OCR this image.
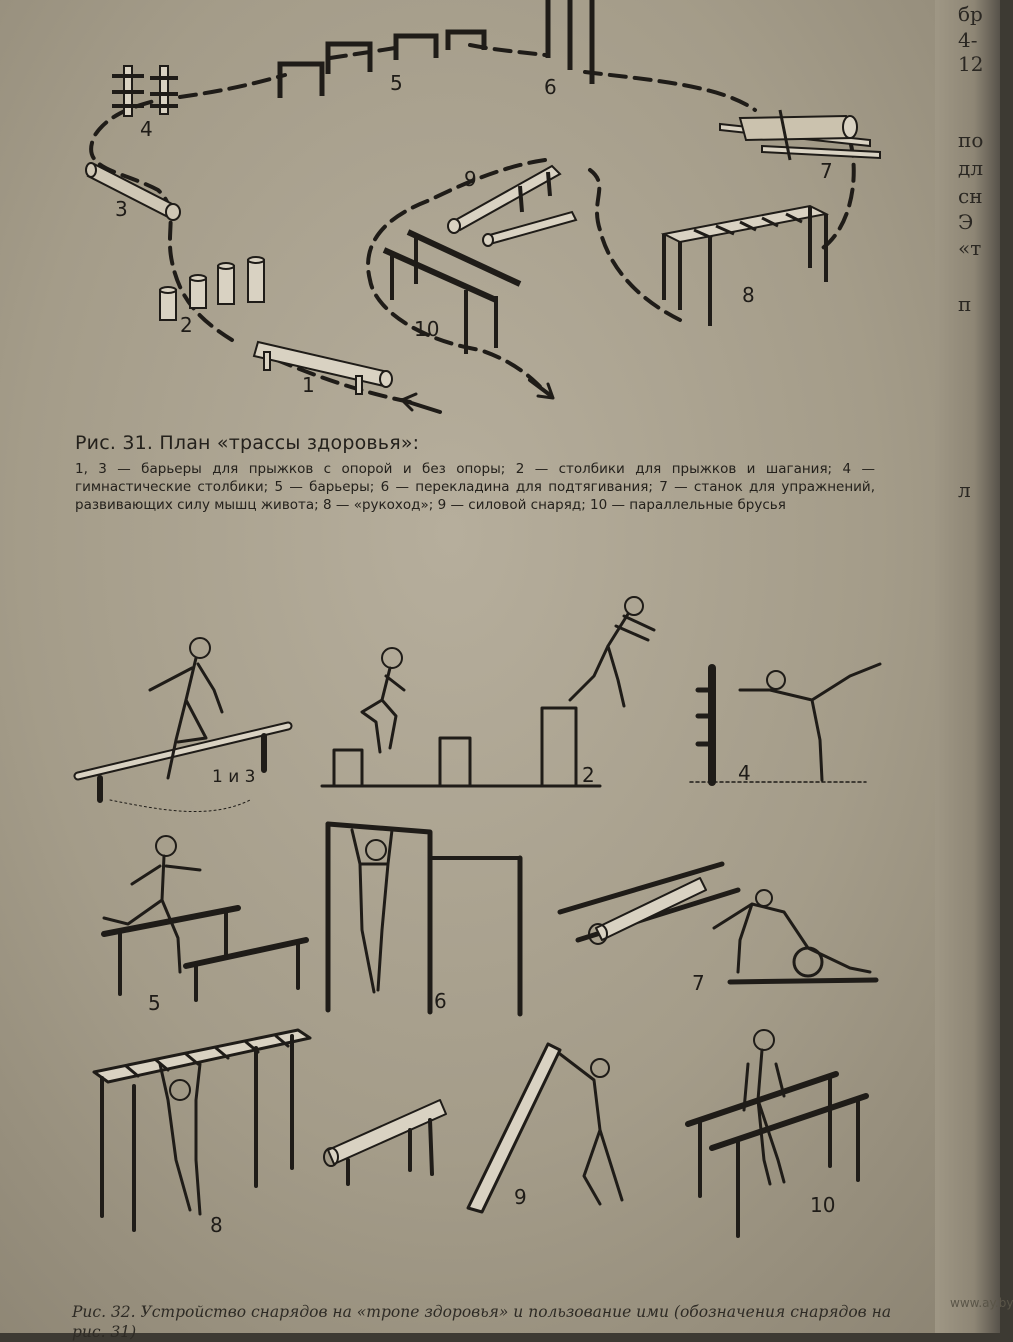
бр
4-
12
по
дл
сн
Э
«т
п
л
1
2
3
4
5	6
7
8
9
10
Рис. 31. План «трассы здоровья»:
1, 3 — барьеры для прыжков с опорой и без опоры; 2 — столбики для прыжков и шагания; 4 — гимнастические столбики; 5 — барьеры; 6 — перекладина для подтягивания; 7 — станок для упражнений, развивающих силу мышц живота; 8 — «рукоход»; 9 — силовой снаряд; 10 — параллельные брусья
1 и 3	2	4
5	6
7
8
9	10
Рис. 32. Устройство снарядов на «тропе здоровья» и пользование ими (обозначения снарядов на рис. 31)
www.ay.by
